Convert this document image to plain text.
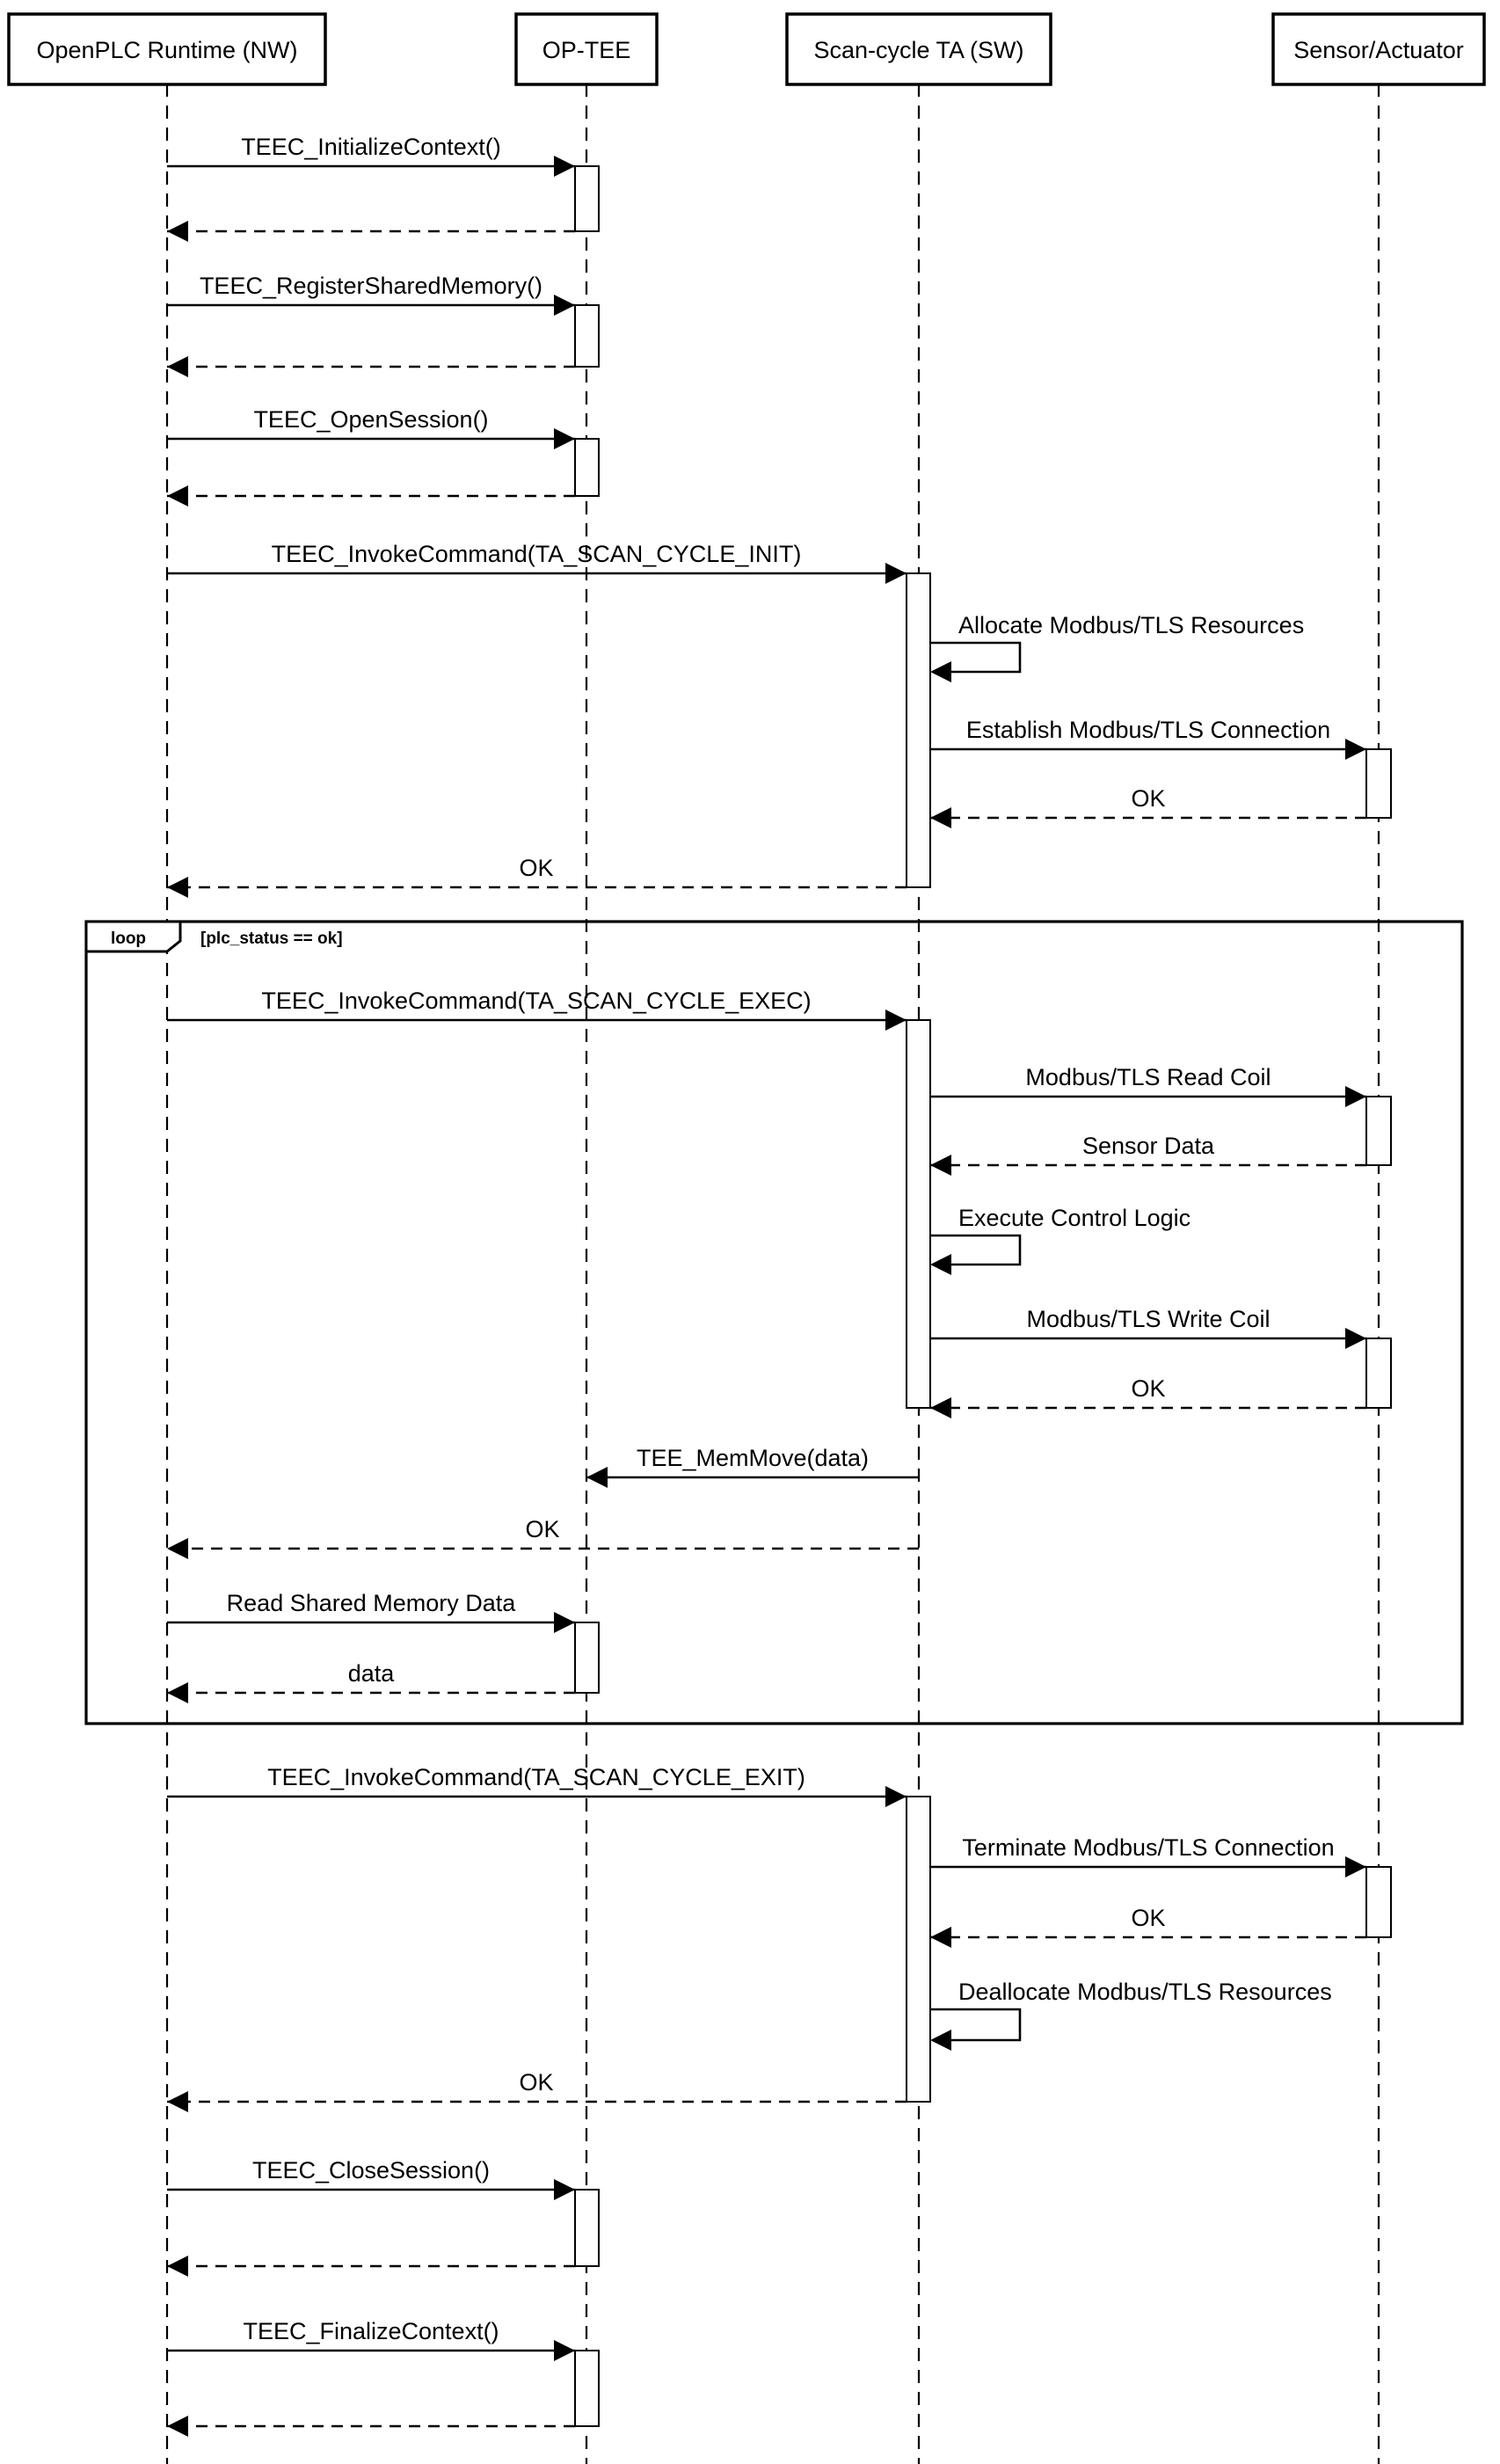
loop	[plc_status == ok]
TEEC_InitializeContext()
TEEC_RegisterSharedMemory()
TEEC_OpenSession()
TEEC_InvokeCommand(TA_SCAN_CYCLE_INIT)
Allocate Modbus/TLS Resources
Establish Modbus/TLS Connection
OK
OK
TEEC_InvokeCommand(TA_SCAN_CYCLE_EXEC)
Modbus/TLS Read Coil
Sensor Data
Execute Control Logic
Modbus/TLS Write Coil
OK
TEE_MemMove(data)
OK
Read Shared Memory Data
data
TEEC_InvokeCommand(TA_SCAN_CYCLE_EXIT)
Terminate Modbus/TLS Connection
OK
Deallocate Modbus/TLS Resources
OK
TEEC_CloseSession()
TEEC_FinalizeContext()
OpenPLC Runtime (NW)	OP-TEE	Scan-cycle TA (SW)	Sensor/Actuator
